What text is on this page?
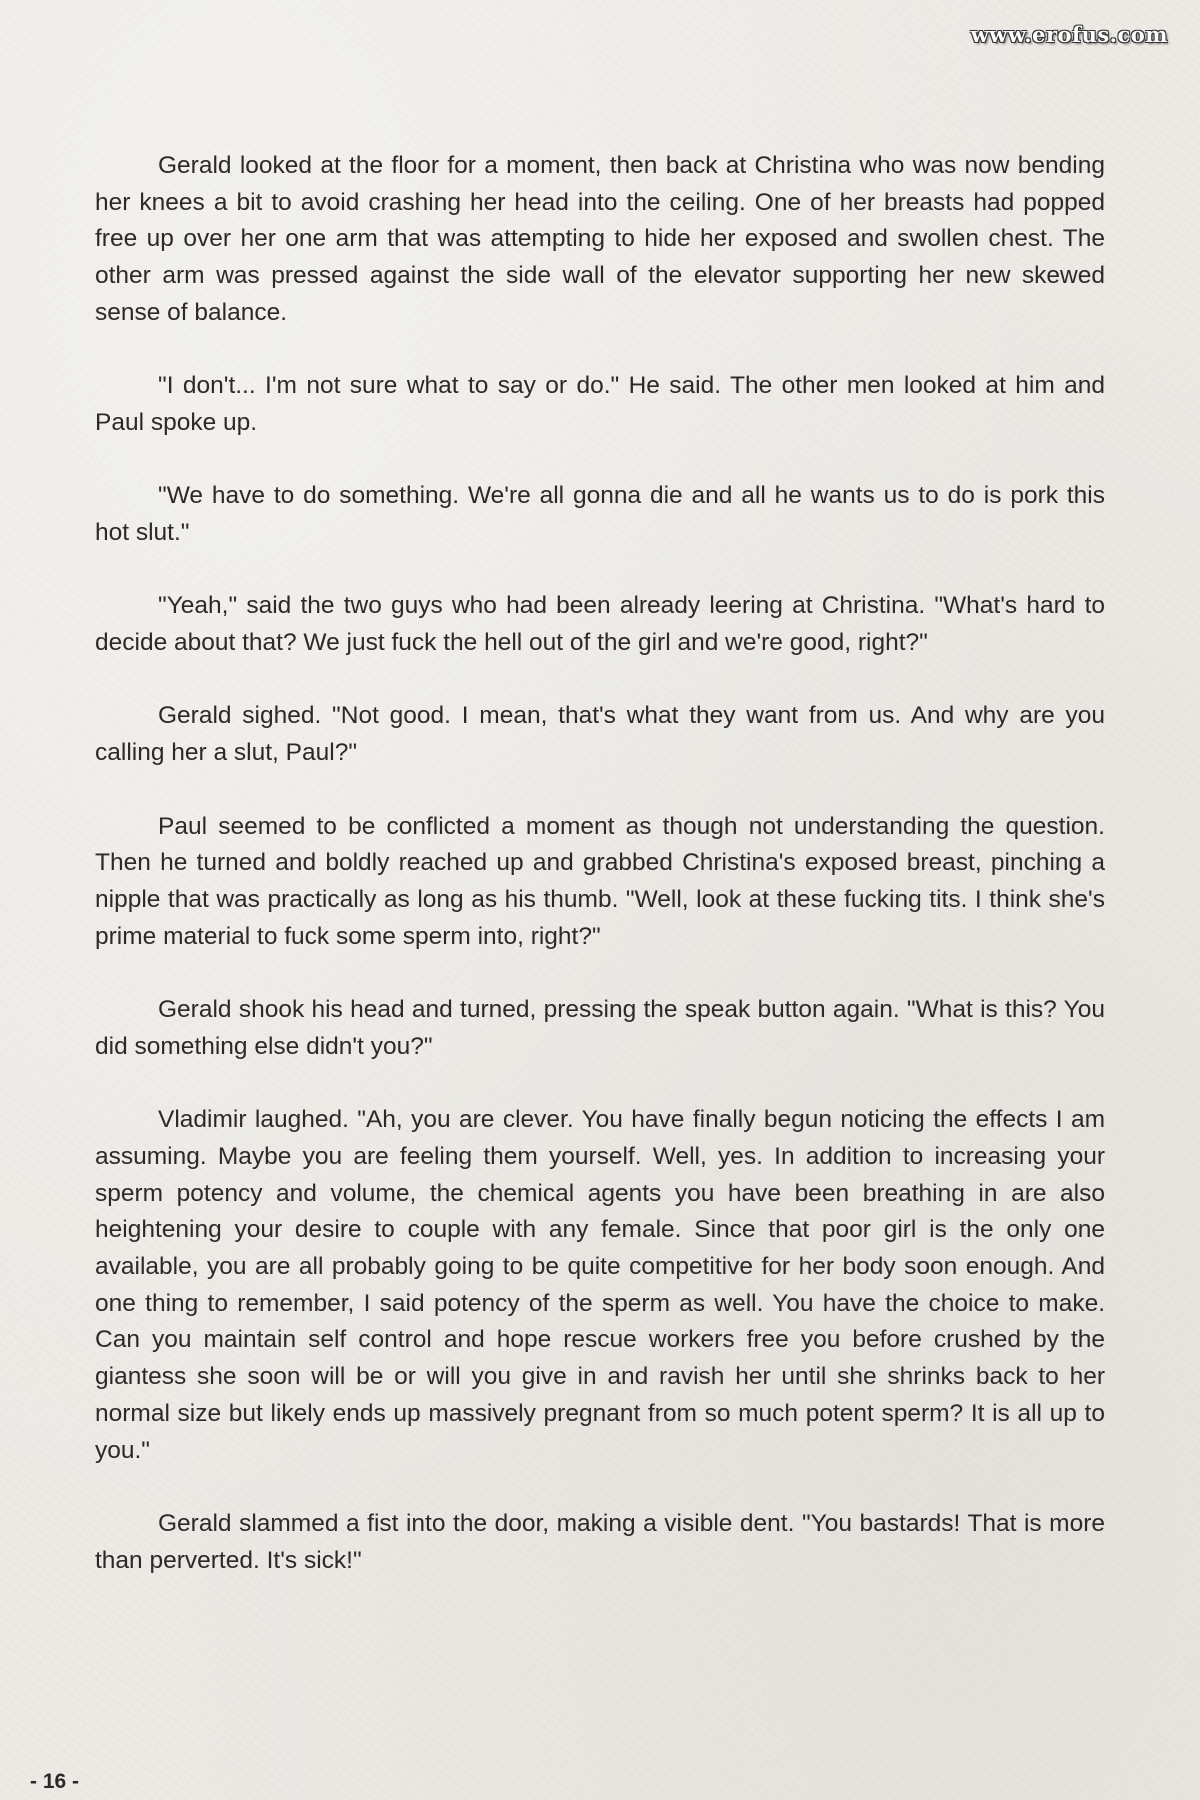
www.erofus.com

Gerald looked at the floor for a moment, then back at Christina who was now bending her knees a bit to avoid crashing her head into the ceiling. One of her breasts had popped free up over her one arm that was attempting to hide her exposed and swollen chest. The other arm was pressed against the side wall of the elevator supporting her new skewed sense of balance.

"I don't... I'm not sure what to say or do." He said. The other men looked at him and Paul spoke up.

"We have to do something. We're all gonna die and all he wants us to do is pork this hot slut."

"Yeah," said the two guys who had been already leering at Christina. "What's hard to decide about that? We just fuck the hell out of the girl and we're good, right?"

Gerald sighed. "Not good. I mean, that's what they want from us. And why are you calling her a slut, Paul?"

Paul seemed to be conflicted a moment as though not understanding the question. Then he turned and boldly reached up and grabbed Christina's exposed breast, pinching a nipple that was practically as long as his thumb. "Well, look at these fucking tits. I think she's prime material to fuck some sperm into, right?"

Gerald shook his head and turned, pressing the speak button again. "What is this? You did something else didn't you?"

Vladimir laughed. "Ah, you are clever. You have finally begun noticing the effects I am assuming. Maybe you are feeling them yourself. Well, yes. In addition to increasing your sperm potency and volume, the chemical agents you have been breathing in are also heightening your desire to couple with any female. Since that poor girl is the only one available, you are all probably going to be quite competitive for her body soon enough. And one thing to remember, I said potency of the sperm as well. You have the choice to make. Can you maintain self control and hope rescue workers free you before crushed by the giantess she soon will be or will you give in and ravish her until she shrinks back to her normal size but likely ends up massively pregnant from so much potent sperm? It is all up to you."

Gerald slammed a fist into the door, making a visible dent. "You bastards! That is more than perverted. It's sick!"

- 16 -
